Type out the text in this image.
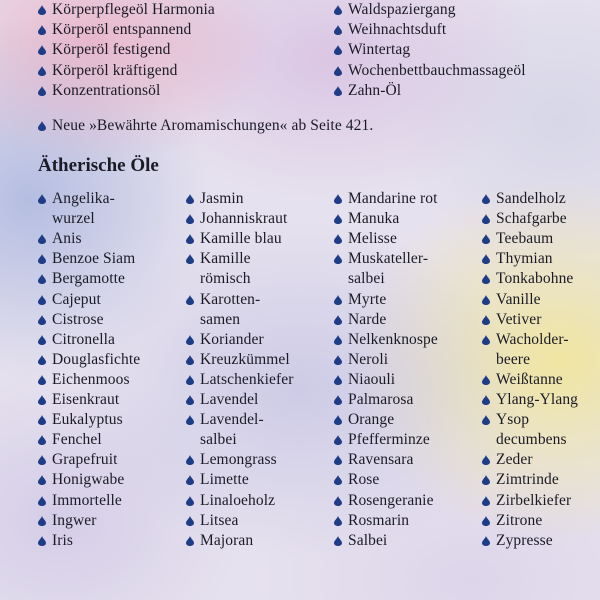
Körperpflegeöl Harmonia
Körperöl entspannend
Körperöl festigend
Körperöl kräftigend
Konzentrationsöl
Waldspaziergang
Weihnachtsduft
Wintertag
Wochenbettbauchmassageöl
Zahn-Öl
Neue »Bewährte Aromamischungen« ab Seite 421.
Ätherische Öle
Angelika-
wurzel
Anis
Benzoe Siam
Bergamotte
Cajeput
Cistrose
Citronella
Douglasfichte
Eichenmoos
Eisenkraut
Eukalyptus
Fenchel
Grapefruit
Honigwabe
Immortelle
Ingwer
Iris
Jasmin
Johanniskraut
Kamille blau
Kamille
römisch
Karotten-
samen
Koriander
Kreuzkümmel
Latschenkiefer
Lavendel
Lavendel-
salbei
Lemongrass
Limette
Linaloeholz
Litsea
Majoran
Mandarine rot
Manuka
Melisse
Muskateller-
salbei
Myrte
Narde
Nelkenknospe
Neroli
Niaouli
Palmarosa
Orange
Pfefferminze
Ravensara
Rose
Rosengeranie
Rosmarin
Salbei
Sandelholz
Schafgarbe
Teebaum
Thymian
Tonkabohne
Vanille
Vetiver
Wacholder-
beere
Weißtanne
Ylang-Ylang
Ysop
decumbens
Zeder
Zimtrinde
Zirbelkiefer
Zitrone
Zypresse
